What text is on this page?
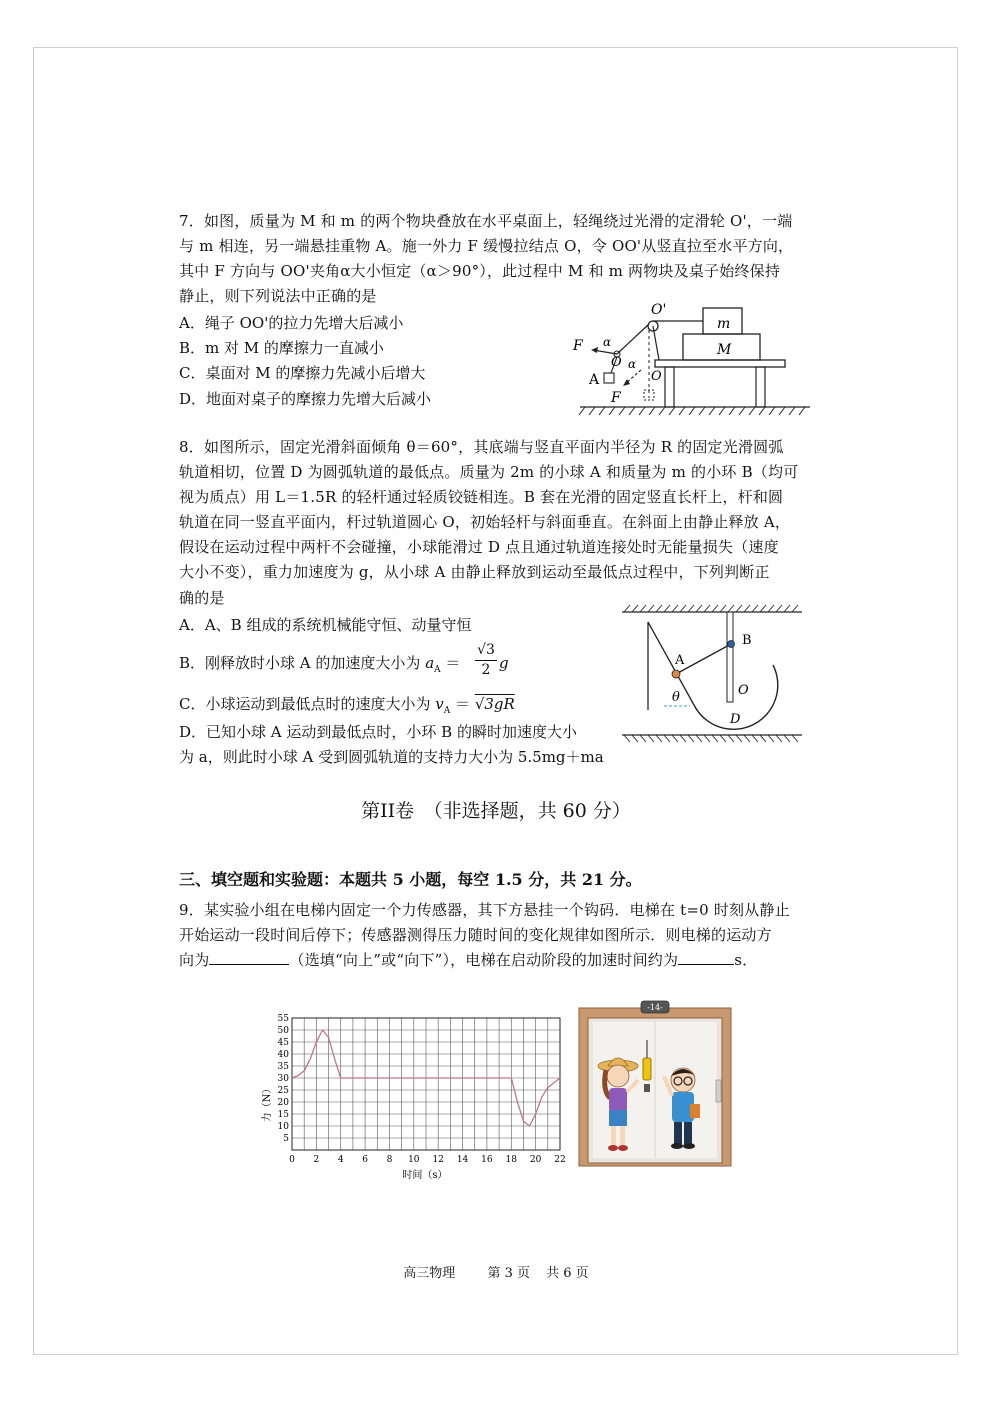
7．如图，质量为 M 和 m 的两个物块叠放在水平桌面上，轻绳绕过光滑的定滑轮 O'，一端
与 m 相连，另一端悬挂重物 A。施一外力 F 缓慢拉结点 O，令 OO'从竖直拉至水平方向，
其中 F 方向与 OO'夹角α大小恒定（α＞90°），此过程中 M 和 m 两物块及桌子始终保持
静止，则下列说法中正确的是
A．绳子 OO'的拉力先增大后减小
B．m 对 M 的摩擦力一直减小
C．桌面对 M 的摩擦力先减小后增大
D．地面对桌子的摩擦力先增大后减小
O'
m
M
F α
O α
O
A
F
8．如图所示，固定光滑斜面倾角 θ＝60°，其底端与竖直平面内半径为 R 的固定光滑圆弧
轨道相切，位置 D 为圆弧轨道的最低点。质量为 2m 的小球 A 和质量为 m 的小环 B（均可
视为质点）用 L＝1.5R 的轻杆通过轻质铰链相连。B 套在光滑的固定竖直长杆上，杆和圆
轨道在同一竖直平面内，杆过轨道圆心 O，初始轻杆与斜面垂直。在斜面上由静止释放 A，
假设在运动过程中两杆不会碰撞，小球能滑过 D 点且通过轨道连接处时无能量损失（速度
大小不变），重力加速度为 g，从小球 A 由静止释放到运动至最低点过程中，下列判断正
确的是
A．A、B 组成的系统机械能守恒、动量守恒
B．刚释放时小球 A 的加速度大小为 $a_A = \frac{√3}{2}$ g
C．小球运动到最低点时的速度大小为 $v_A = √3gR$
D．已知小球 A 运动到最低点时，小环 B 的瞬时加速度大小
为 a，则此时小球 A 受到圆弧轨道的支持力大小为 5.5mg＋ma
B
A
θ	O
D
第II卷　（非选择题，共 60 分）
三、填空题和实验题：本题共 5 小题，每空 1.5 分，共 21 分。
9．某实验小组在电梯内固定一个力传感器，其下方悬挂一个钩码．电梯在 t=0 时刻从静止
开始运动一段时间后停下；传感器测得压力随时间的变化规律如图所示．则电梯的运动方
向为	（选填“向上”或“向下”），电梯在启动阶段的加速时间约为	s．
0 2 4 6 8 10 12 14 16 18 20 22
5
10
15
20
25
30
35
40
45
50
55
力（N）
时间（s）
-14-
高三物理 第 3 页 共 6 页
